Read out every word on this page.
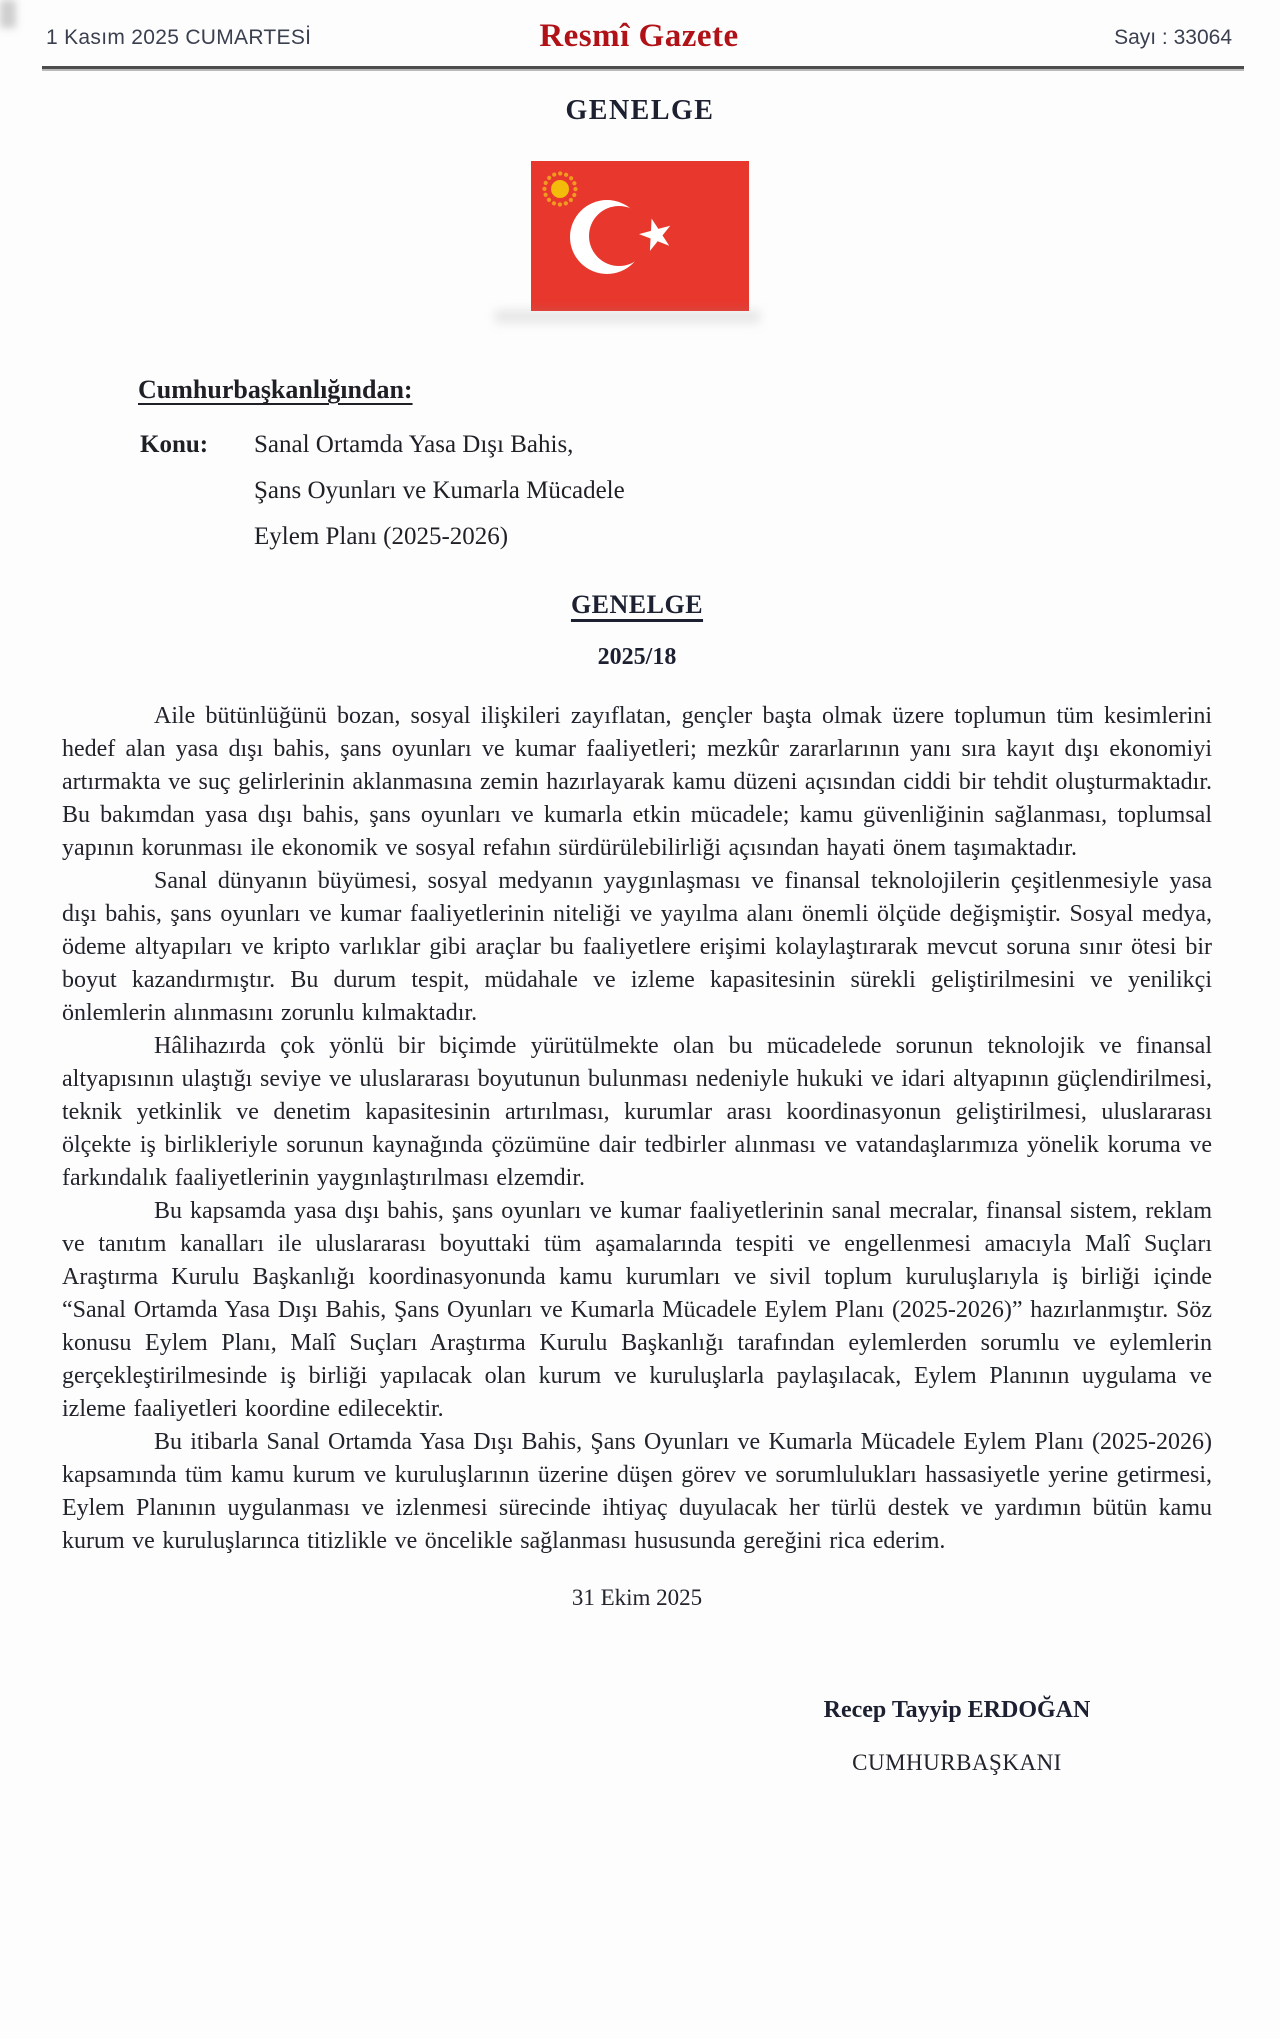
1 Kasım 2025 CUMARTESİ	Resmî Gazete	Sayı : 33064
GENELGE
Cumhurbaşkanlığından:
Konu:	Sanal Ortamda Yasa Dışı Bahis,
Şans Oyunları ve Kumarla Mücadele
Eylem Planı (2025-2026)
GENELGE
2025/18

Aile bütünlüğünü bozan, sosyal ilişkileri zayıflatan, gençler başta olmak üzere toplumun tüm kesimlerini hedef alan yasa dışı bahis, şans oyunları ve kumar faaliyetleri; mezkûr zararlarının yanı sıra kayıt dışı ekonomiyi artırmakta ve suç gelirlerinin aklanmasına zemin hazırlayarak kamu düzeni açısından ciddi bir tehdit oluşturmaktadır. Bu bakımdan yasa dışı bahis, şans oyunları ve kumarla etkin mücadele; kamu güvenliğinin sağlanması, toplumsal yapının korunması ile ekonomik ve sosyal refahın sürdürülebilirliği açısından hayati önem taşımaktadır.

Sanal dünyanın büyümesi, sosyal medyanın yaygınlaşması ve finansal teknolojilerin çeşitlenmesiyle yasa dışı bahis, şans oyunları ve kumar faaliyetlerinin niteliği ve yayılma alanı önemli ölçüde değişmiştir. Sosyal medya, ödeme altyapıları ve kripto varlıklar gibi araçlar bu faaliyetlere erişimi kolaylaştırarak mevcut soruna sınır ötesi bir boyut kazandırmıştır. Bu durum tespit, müdahale ve izleme kapasitesinin sürekli geliştirilmesini ve yenilikçi önlemlerin alınmasını zorunlu kılmaktadır.

Hâlihazırda çok yönlü bir biçimde yürütülmekte olan bu mücadelede sorunun teknolojik ve finansal altyapısının ulaştığı seviye ve uluslararası boyutunun bulunması nedeniyle hukuki ve idari altyapının güçlendirilmesi, teknik yetkinlik ve denetim kapasitesinin artırılması, kurumlar arası koordinasyonun geliştirilmesi, uluslararası ölçekte iş birlikleriyle sorunun kaynağında çözümüne dair tedbirler alınması ve vatandaşlarımıza yönelik koruma ve farkındalık faaliyetlerinin yaygınlaştırılması elzemdir.

Bu kapsamda yasa dışı bahis, şans oyunları ve kumar faaliyetlerinin sanal mecralar, finansal sistem, reklam ve tanıtım kanalları ile uluslararası boyuttaki tüm aşamalarında tespiti ve engellenmesi amacıyla Malî Suçları Araştırma Kurulu Başkanlığı koordinasyonunda kamu kurumları ve sivil toplum kuruluşlarıyla iş birliği içinde “Sanal Ortamda Yasa Dışı Bahis, Şans Oyunları ve Kumarla Mücadele Eylem Planı (2025-2026)” hazırlanmıştır. Söz konusu Eylem Planı, Malî Suçları Araştırma Kurulu Başkanlığı tarafından eylemlerden sorumlu ve eylemlerin gerçekleştirilmesinde iş birliği yapılacak olan kurum ve kuruluşlarla paylaşılacak, Eylem Planının uygulama ve izleme faaliyetleri koordine edilecektir.

Bu itibarla Sanal Ortamda Yasa Dışı Bahis, Şans Oyunları ve Kumarla Mücadele Eylem Planı (2025-2026) kapsamında tüm kamu kurum ve kuruluşlarının üzerine düşen görev ve sorumlulukları hassasiyetle yerine getirmesi, Eylem Planının uygulanması ve izlenmesi sürecinde ihtiyaç duyulacak her türlü destek ve yardımın bütün kamu kurum ve kuruluşlarınca titizlikle ve öncelikle sağlanması hususunda gereğini rica ederim.

31 Ekim 2025
Recep Tayyip ERDOĞAN
CUMHURBAŞKANI
